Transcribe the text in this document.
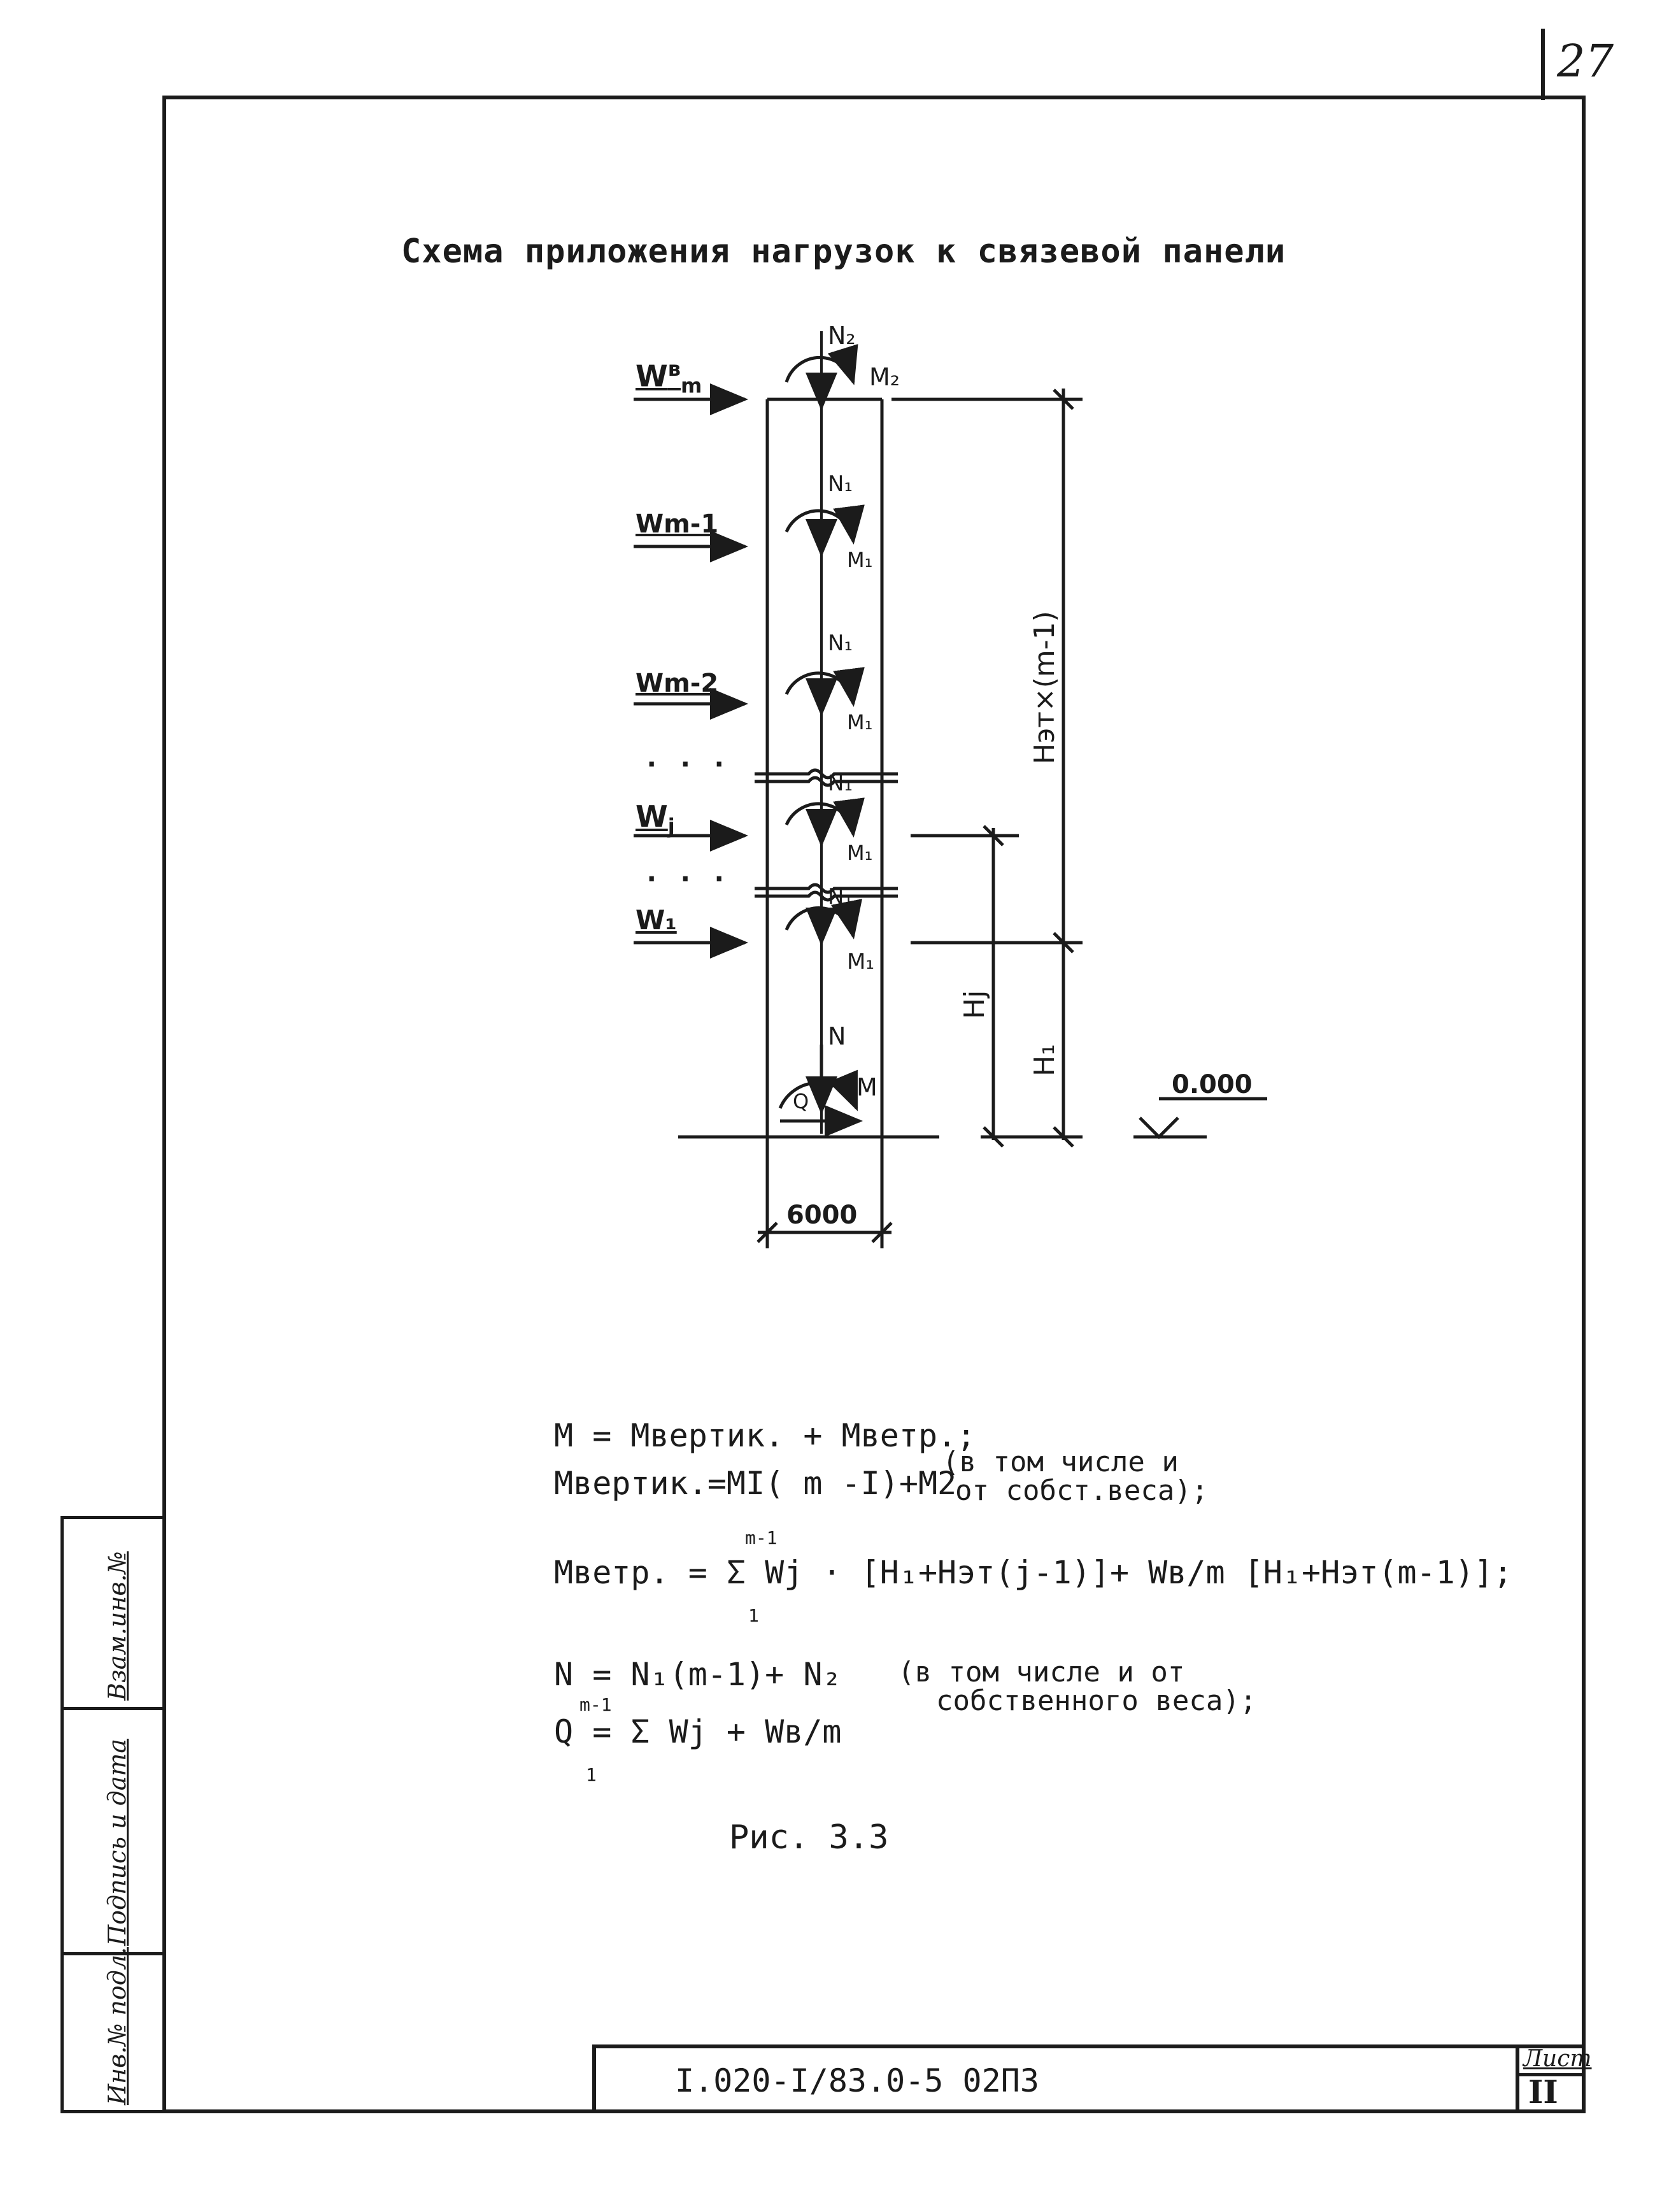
27
Схема приложения нагрузок к связевой панели
$W^в_m$
Wm-1
Wm-2
· · ·
$W_j$
· · ·
W₁
N₂
M₂
N₁
M₁
N₁
M₁
N₁
M₁
N₁
M₁
N
M
Q
Hэт×(m-1)
Hj
H₁
0.000
6000
M = Mвертик. + Mветр.;
Mвертик.=MI( m -I)+M2
(в том числе и
от собст.веса);
m-1
Mветр. = Σ Wj · [H₁+Hэт(j-1)]+ Wв/m [H₁+Hэт(m-1)];
1
N = N₁(m-1)+ N₂ (в том числе и от
собственного веса);
m-1
Q = Σ Wj + Wв/m
1
Рис. 3.3
Взам.инв.№
Подпись и дата
Инв.№ подл.	I.020-I/83.0-5 02ПЗ
Лист
II
